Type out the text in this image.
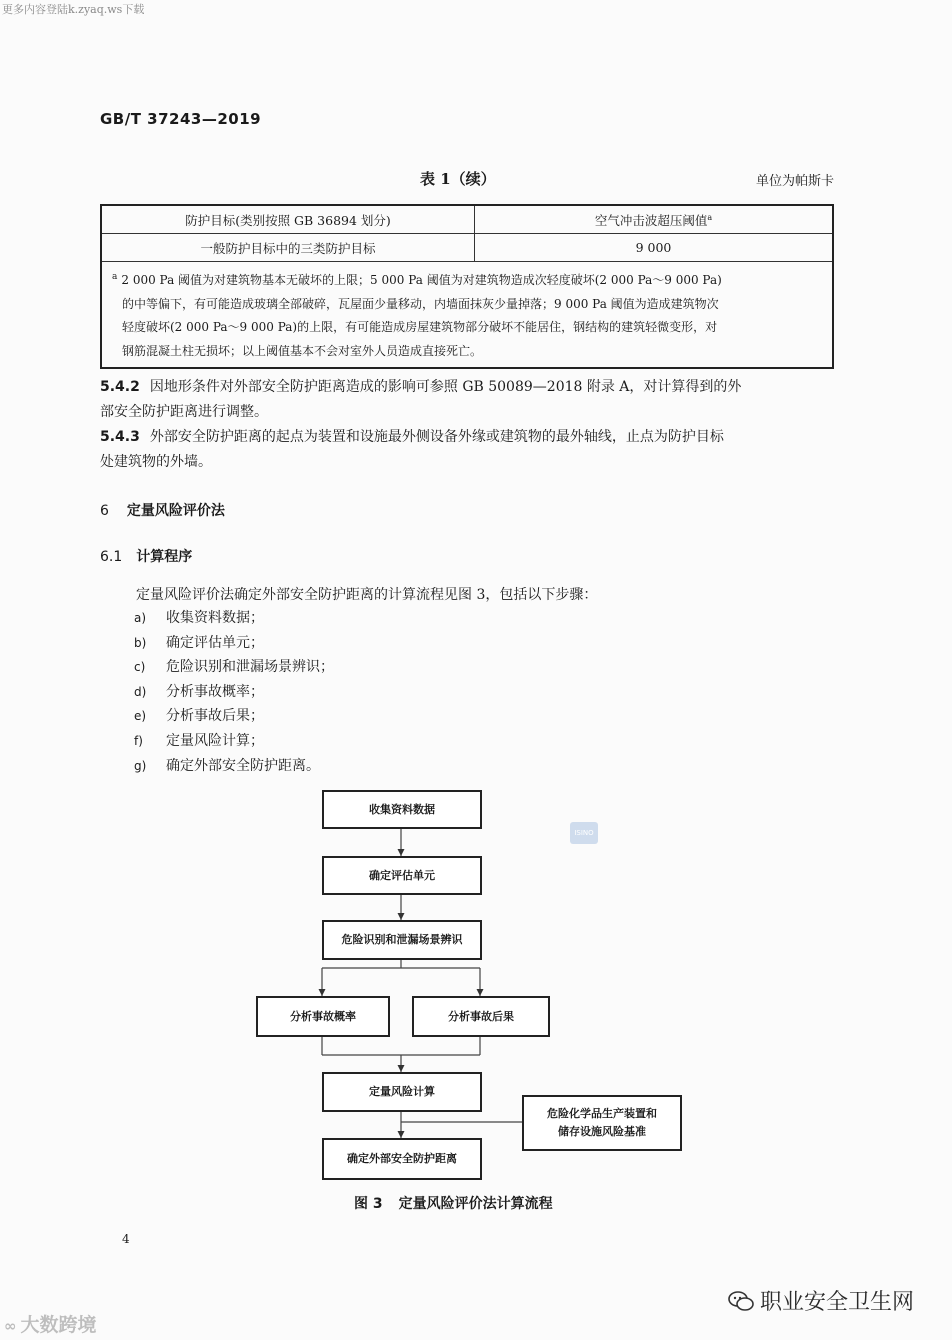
更多内容登陆k.zyaq.ws下载
GB/T 37243—2019
表 1（续）	单位为帕斯卡
防护目标(类别按照 GB 36894 划分)	空气冲击波超压阈值$^a$
一般防护目标中的三类防护目标	9 000

$^a$ 2 000 Pa 阈值为对建筑物基本无破坏的上限；5 000 Pa 阈值为对建筑物造成次轻度破坏(2 000 Pa～9 000 Pa)
的中等偏下，有可能造成玻璃全部破碎，瓦屋面少量移动，内墙面抹灰少量掉落；9 000 Pa 阈值为造成建筑物次
轻度破坏(2 000 Pa～9 000 Pa)的上限，有可能造成房屋建筑物部分破坏不能居住，钢结构的建筑轻微变形，对
钢筋混凝土柱无损坏；以上阈值基本不会对室外人员造成直接死亡。	
5.4.2 因地形条件对外部安全防护距离造成的影响可参照 GB 50089—2018 附录 A，对计算得到的外
部安全防护距离进行调整。
5.4.3 外部安全防护距离的起点为装置和设施最外侧设备外缘或建筑物的最外轴线，止点为防护目标
处建筑物的外墙。
6 定量风险评价法
6.1 计算程序
定量风险评价法确定外部安全防护距离的计算流程见图 3，包括以下步骤：
a) 收集资料数据；
b) 确定评估单元；
c) 危险识别和泄漏场景辨识；
d) 分析事故概率；
e) 分析事故后果；
f) 定量风险计算；
g) 确定外部安全防护距离。
收集资料数据
ISINO
确定评估单元
危险识别和泄漏场景辨识
分析事故概率	分析事故后果
定量风险计算
危险化学品生产装置和
储存设施风险基准
确定外部安全防护距离
图 3 定量风险评价法计算流程
4
∞ 大数跨境
职业安全卫生网
